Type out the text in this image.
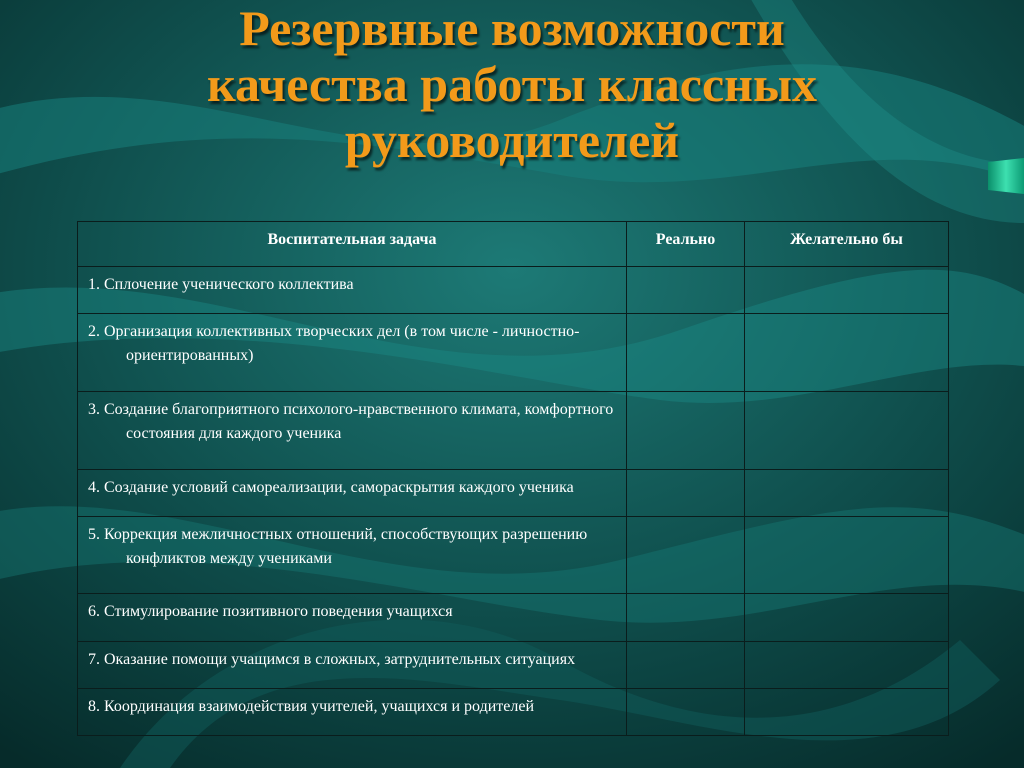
Резервные возможности
качества работы классных
руководителей
Воспитательная задача	Реально	Желательно бы

1. Сплочение ученического коллектива		

2. Организация коллективных творческих дел (в том числе - личностно-ориентированных)		

3. Создание благоприятного психолого-нравственного климата, комфортного состояния для каждого ученика		

4. Создание условий самореализации, самораскрытия каждого ученика		

5. Коррекция межличностных отношений, способствующих разрешению конфликтов между учениками		

6. Стимулирование позитивного поведения учащихся		

7. Оказание помощи учащимся в сложных, затруднительных ситуациях		

8. Координация взаимодействия учителей, учащихся и родителей		
